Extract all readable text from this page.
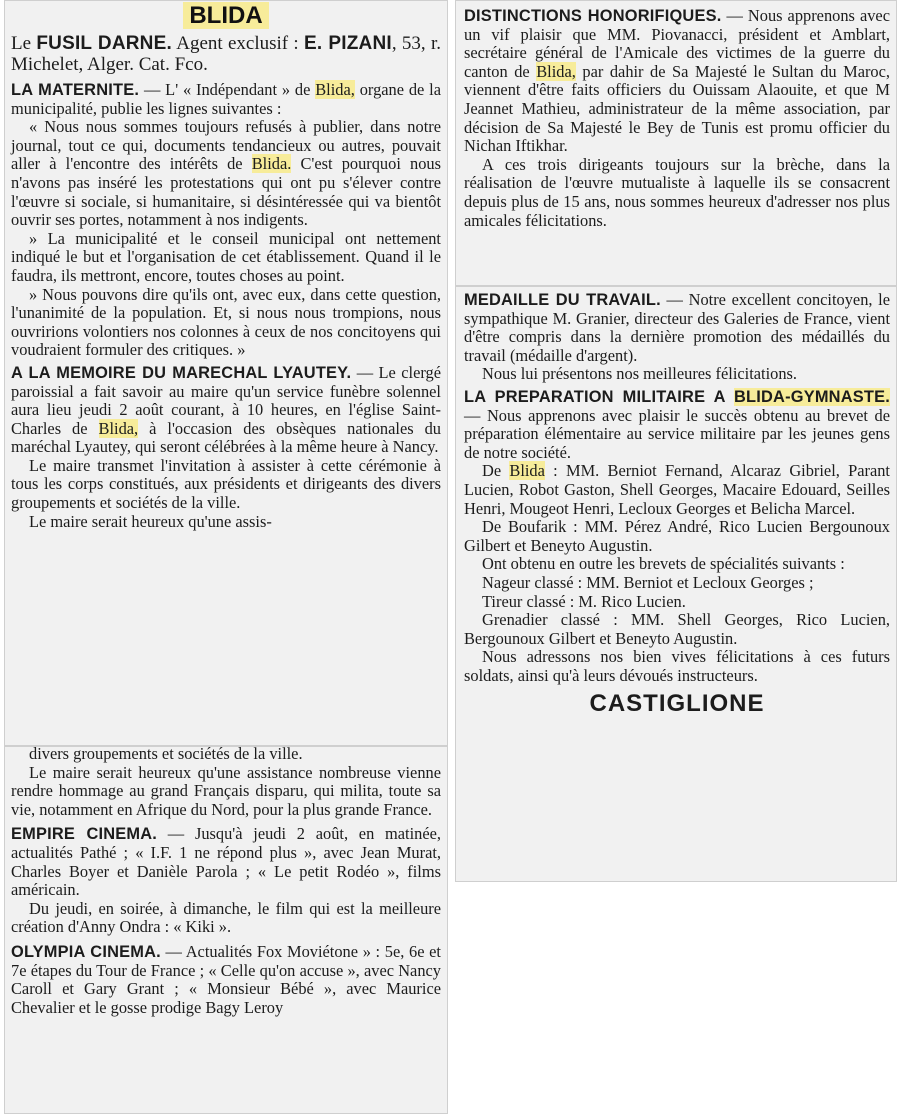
BLIDA

Le FUSIL DARNE. Agent exclusif : E. PIZANI, 53, r. Michelet, Alger. Cat. Fco.

LA MATERNITE. — L' « Indépendant » de Blida, organe de la municipalité, publie les lignes suivantes :

« Nous nous sommes toujours refusés à publier, dans notre journal, tout ce qui, documents tendancieux ou autres, pouvait aller à l'encontre des intérêts de Blida. C'est pourquoi nous n'avons pas inséré les protestations qui ont pu s'élever contre l'œuvre si sociale, si humanitaire, si désintéressée qui va bientôt ouvrir ses portes, notamment à nos indigents.

» La municipalité et le conseil municipal ont nettement indiqué le but et l'organisation de cet établissement. Quand il le faudra, ils mettront, encore, toutes choses au point.

» Nous pouvons dire qu'ils ont, avec eux, dans cette question, l'unanimité de la population. Et, si nous nous trompions, nous ouvririons volontiers nos colonnes à ceux de nos concitoyens qui voudraient formuler des critiques. »

A LA MEMOIRE DU MARECHAL LYAUTEY. — Le clergé paroissial a fait savoir au maire qu'un service funèbre solennel aura lieu jeudi 2 août courant, à 10 heures, en l'église Saint-Charles de Blida, à l'occasion des obsèques nationales du maréchal Lyautey, qui seront célébrées à la même heure à Nancy.

Le maire transmet l'invitation à assister à cette cérémonie à tous les corps constitués, aux présidents et dirigeants des divers groupements et sociétés de la ville.

Le maire serait heureux qu'une assis-

divers groupements et sociétés de la ville.

Le maire serait heureux qu'une assistance nombreuse vienne rendre hommage au grand Français disparu, qui milita, toute sa vie, notamment en Afrique du Nord, pour la plus grande France.

EMPIRE CINEMA. — Jusqu'à jeudi 2 août, en matinée, actualités Pathé ; « I.F. 1 ne répond plus », avec Jean Murat, Charles Boyer et Danièle Parola ; « Le petit Rodéo », films américain.

Du jeudi, en soirée, à dimanche, le film qui est la meilleure création d'Anny Ondra : « Kiki ».

OLYMPIA CINEMA. — Actualités Fox Moviétone » : 5e, 6e et 7e étapes du Tour de France ; « Celle qu'on accuse », avec Nancy Caroll et Gary Grant ; « Monsieur Bébé », avec Maurice Chevalier et le gosse prodige Bagy Leroy

DISTINCTIONS HONORIFIQUES. — Nous apprenons avec un vif plaisir que MM. Piovanacci, président et Amblart, secrétaire général de l'Amicale des victimes de la guerre du canton de Blida, par dahir de Sa Majesté le Sultan du Maroc, viennent d'être faits officiers du Ouissam Alaouite, et que M Jeannet Mathieu, administrateur de la même association, par décision de Sa Majesté le Bey de Tunis est promu officier du Nichan Iftikhar.

A ces trois dirigeants toujours sur la brèche, dans la réalisation de l'œuvre mutualiste à laquelle ils se consacrent depuis plus de 15 ans, nous sommes heureux d'adresser nos plus amicales félicitations.

MEDAILLE DU TRAVAIL. — Notre excellent concitoyen, le sympathique M. Granier, directeur des Galeries de France, vient d'être compris dans la dernière promotion des médaillés du travail (médaille d'argent).

Nous lui présentons nos meilleures félicitations.

LA PREPARATION MILITAIRE A BLIDA-GYMNASTE. — Nous apprenons avec plaisir le succès obtenu au brevet de préparation élémentaire au service militaire par les jeunes gens de notre société.

De Blida : MM. Berniot Fernand, Alcaraz Gibriel, Parant Lucien, Robot Gaston, Shell Georges, Macaire Edouard, Seilles Henri, Mougeot Henri, Lecloux Georges et Belicha Marcel.

De Boufarik : MM. Pérez André, Rico Lucien Bergounoux Gilbert et Beneyto Augustin.

Ont obtenu en outre les brevets de spécialités suivants :

Nageur classé : MM. Berniot et Lecloux Georges ;

Tireur classé : M. Rico Lucien.

Grenadier classé : MM. Shell Georges, Rico Lucien, Bergounoux Gilbert et Beneyto Augustin.

Nous adressons nos bien vives félicitations à ces futurs soldats, ainsi qu'à leurs dévoués instructeurs.

CASTIGLIONE
